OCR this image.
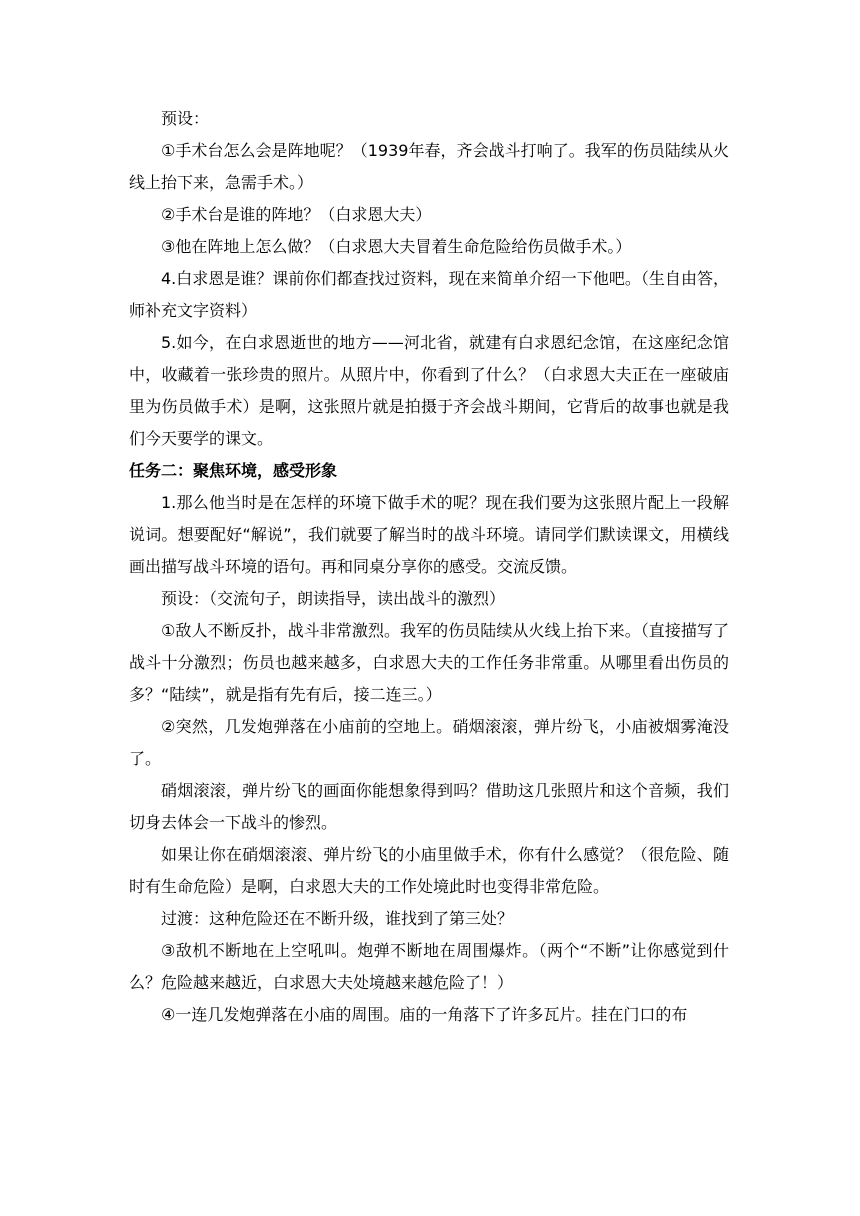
预设：

①手术台怎么会是阵地呢？（1939年春，齐会战斗打响了。我军的伤员陆续从火线上抬下来，急需手术。）

②手术台是谁的阵地？（白求恩大夫）

③他在阵地上怎么做？（白求恩大夫冒着生命危险给伤员做手术。）

4.白求恩是谁？课前你们都查找过资料，现在来简单介绍一下他吧。（生自由答，师补充文字资料）

5.如今，在白求恩逝世的地方——河北省，就建有白求恩纪念馆，在这座纪念馆中，收藏着一张珍贵的照片。从照片中，你看到了什么？（白求恩大夫正在一座破庙里为伤员做手术）是啊，这张照片就是拍摄于齐会战斗期间，它背后的故事也就是我们今天要学的课文。

任务二：聚焦环境，感受形象

1.那么他当时是在怎样的环境下做手术的呢？现在我们要为这张照片配上一段解说词。想要配好“解说”，我们就要了解当时的战斗环境。请同学们默读课文，用横线画出描写战斗环境的语句。再和同桌分享你的感受。交流反馈。

预设：（交流句子，朗读指导，读出战斗的激烈）

①敌人不断反扑，战斗非常激烈。我军的伤员陆续从火线上抬下来。（直接描写了战斗十分激烈；伤员也越来越多，白求恩大夫的工作任务非常重。从哪里看出伤员的多？“陆续”，就是指有先有后，接二连三。）

②突然，几发炮弹落在小庙前的空地上。硝烟滚滚，弹片纷飞，小庙被烟雾淹没了。

硝烟滚滚，弹片纷飞的画面你能想象得到吗？借助这几张照片和这个音频，我们切身去体会一下战斗的惨烈。

如果让你在硝烟滚滚、弹片纷飞的小庙里做手术，你有什么感觉？（很危险、随时有生命危险）是啊，白求恩大夫的工作处境此时也变得非常危险。

过渡：这种危险还在不断升级，谁找到了第三处？

③敌机不断地在上空吼叫。炮弹不断地在周围爆炸。（两个“不断”让你感觉到什么？危险越来越近，白求恩大夫处境越来越危险了！）

④一连几发炮弹落在小庙的周围。庙的一角落下了许多瓦片。挂在门口的布
